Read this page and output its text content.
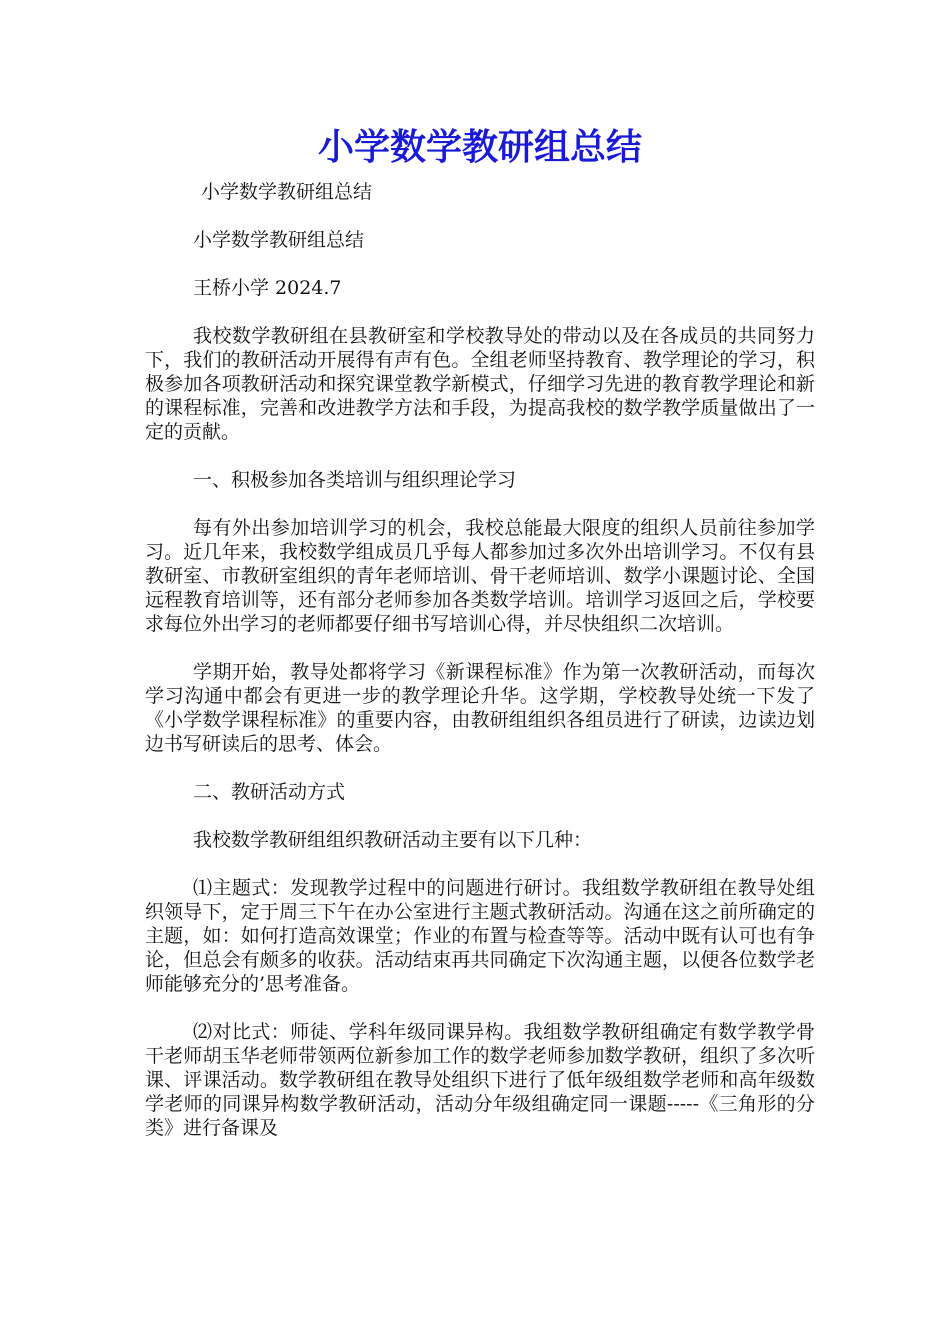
小学数学教研组总结

小学数学教研组总结

小学数学教研组总结

王桥小学 2024.7

我校数学教研组在县教研室和学校教导处的带动以及在各成员的共同努力下，我们的教研活动开展得有声有色。全组老师坚持教育、教学理论的学习，积极参加各项教研活动和探究课堂教学新模式，仔细学习先进的教育教学理论和新的课程标准，完善和改进教学方法和手段，为提高我校的数学教学质量做出了一定的贡献。

一、积极参加各类培训与组织理论学习

每有外出参加培训学习的机会，我校总能最大限度的组织人员前往参加学习。近几年来，我校数学组成员几乎每人都参加过多次外出培训学习。不仅有县教研室、市教研室组织的青年老师培训、骨干老师培训、数学小课题讨论、全国远程教育培训等，还有部分老师参加各类数学培训。培训学习返回之后，学校要求每位外出学习的老师都要仔细书写培训心得，并尽快组织二次培训。

学期开始，教导处都将学习《新课程标准》作为第一次教研活动，而每次学习沟通中都会有更进一步的教学理论升华。这学期，学校教导处统一下发了《小学数学课程标准》的重要内容，由教研组组织各组员进行了研读，边读边划边书写研读后的思考、体会。

二、教研活动方式

我校数学教研组组织教研活动主要有以下几种：

⑴主题式：发现教学过程中的问题进行研讨。我组数学教研组在教导处组织领导下，定于周三下午在办公室进行主题式教研活动。沟通在这之前所确定的主题，如：如何打造高效课堂；作业的布置与检查等等。活动中既有认可也有争论，但总会有颇多的收获。活动结束再共同确定下次沟通主题，以便各位数学老师能够充分的’思考准备。

⑵对比式：师徒、学科年级同课异构。我组数学教研组确定有数学教学骨干老师胡玉华老师带领两位新参加工作的数学老师参加数学教研，组织了多次听课、评课活动。数学教研组在教导处组织下进行了低年级组数学老师和高年级数学老师的同课异构数学教研活动，活动分年级组确定同一课题-----《三角形的分类》进行备课及
